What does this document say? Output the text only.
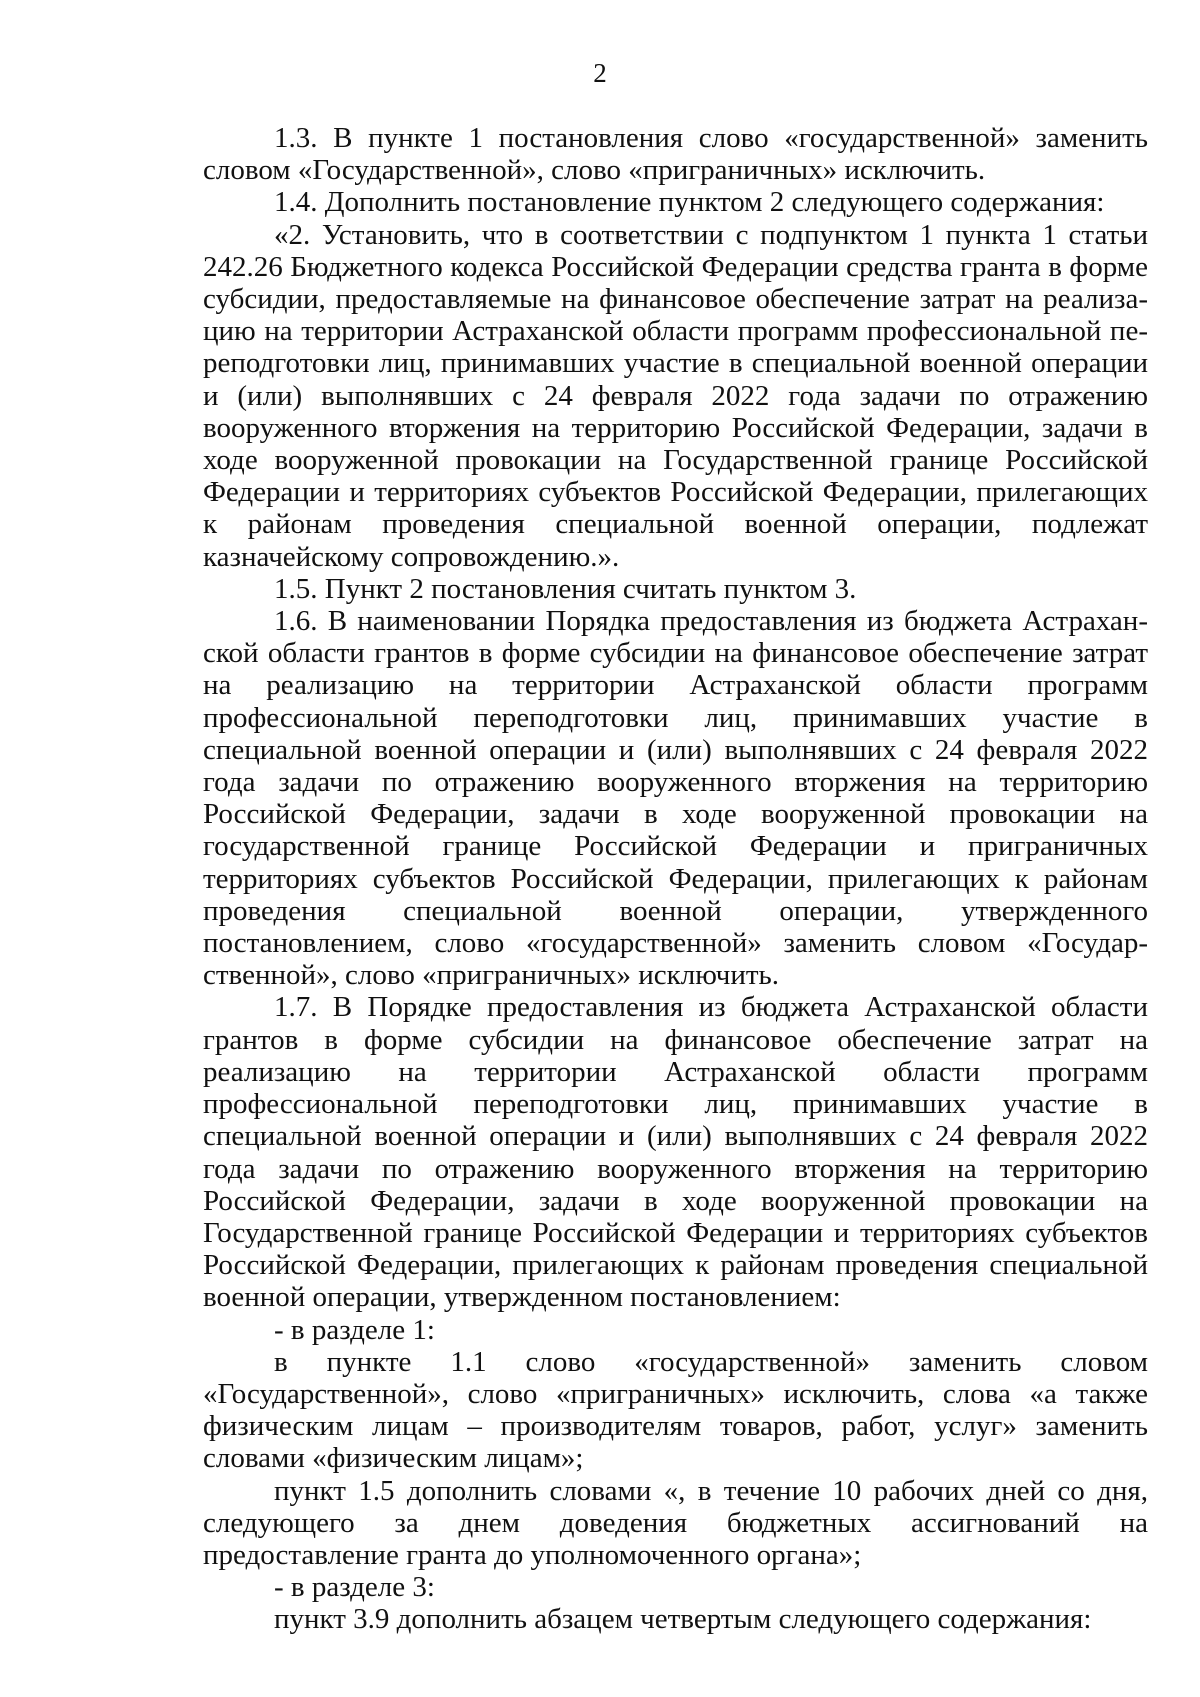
2

1.3. В пункте 1 постановления слово «государственной» заменить словом «Государственной», слово «приграничных» исключить.

1.4. Дополнить постановление пунктом 2 следующего содержания:

«2. Установить, что в соответствии с подпунктом 1 пункта 1 статьи 242.26 Бюджетного кодекса Российской Федерации средства гранта в форме субсидии, предоставляемые на финансовое обеспечение затрат на реализацию на территории Астраханской области программ профессиональной переподготовки лиц, принимавших участие в специальной военной операции и (или) выполнявших с 24 февраля 2022 года задачи по отражению вооруженного вторжения на территорию Российской Федерации, задачи в ходе вооруженной провокации на Государственной границе Российской Федерации и территориях субъектов Российской Федерации, прилегающих к районам проведения специальной военной операции, подлежат казначейскому сопровождению.».

1.5. Пункт 2 постановления считать пунктом 3.

1.6. В наименовании Порядка предоставления из бюджета Астраханской области грантов в форме субсидии на финансовое обеспечение затрат на реализацию на территории Астраханской области программ профессиональной переподготовки лиц, принимавших участие в специальной военной операции и (или) выполнявших с 24 февраля 2022 года задачи по отражению вооруженного вторжения на территорию Российской Федерации, задачи в ходе вооруженной провокации на государственной границе Российской Федерации и приграничных территориях субъектов Российской Федерации, прилегающих к районам проведения специальной военной операции, утвержденного постановлением, слово «государственной» заменить словом «Государственной», слово «приграничных» исключить.

1.7. В Порядке предоставления из бюджета Астраханской области грантов в форме субсидии на финансовое обеспечение затрат на реализацию на территории Астраханской области программ профессиональной переподготовки лиц, принимавших участие в специальной военной операции и (или) выполнявших с 24 февраля 2022 года задачи по отражению вооруженного вторжения на территорию Российской Федерации, задачи в ходе вооруженной провокации на Государственной границе Российской Федерации и территориях субъектов Российской Федерации, прилегающих к районам проведения специальной военной операции, утвержденном постановлением:

- в разделе 1:

в пункте 1.1 слово «государственной» заменить словом «Государственной», слово «приграничных» исключить, слова «а также физическим лицам – производителям товаров, работ, услуг» заменить словами «физическим лицам»;

пункт 1.5 дополнить словами «, в течение 10 рабочих дней со дня, следующего за днем доведения бюджетных ассигнований на предоставление гранта до уполномоченного органа»;

- в разделе 3:

пункт 3.9 дополнить абзацем четвертым следующего содержания:
